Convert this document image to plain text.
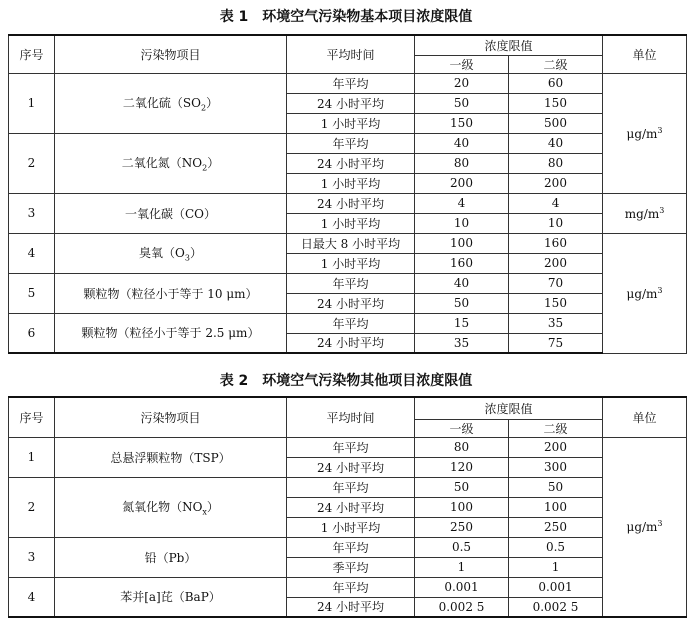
表 1　环境空气污染物基本项目浓度限值
序号	污染物项目	平均时间	浓度限值		单位
			一级	二级	
1	二氧化硫$(SO_2)$	年平均	20	60	$\mu g/m^3$
		24 小时平均	50	150	
		1 小时平均	150	500	
2	二氧化氮$(NO_2)$	年平均	40	40	
		24 小时平均	80	80	
		1 小时平均	200	200	
3	一氧化碳（CO）	24 小时平均	4	4	$mg/m^3$
		1 小时平均	10	10	
4	臭氧$(O_3)$	日最大 8 小时平均	100	160	$\mu g/m^3$
		1 小时平均	160	200	
5	颗粒物（粒径小于等于 10 μm）	年平均	40	70	
		24 小时平均	50	150	
6	颗粒物（粒径小于等于 2.5 μm）	年平均	15	35	
		24 小时平均	35	75	
表 2　环境空气污染物其他项目浓度限值
序号	污染物项目	平均时间	浓度限值		单位
			一级	二级	
1	总悬浮颗粒物（TSP）	年平均	80	200	$\mu g/m^3$
		24 小时平均	120	300	
2	氮氧化物$(NO_x)$	年平均	50	50	
		24 小时平均	100	100	
		1 小时平均	250	250	
3	铅（Pb）	年平均	0.5	0.5	
		季平均	1	1	
4	苯并[a]芘（BaP）	年平均	0.001	0.001	
		24 小时平均	0.002 5	0.002 5	
